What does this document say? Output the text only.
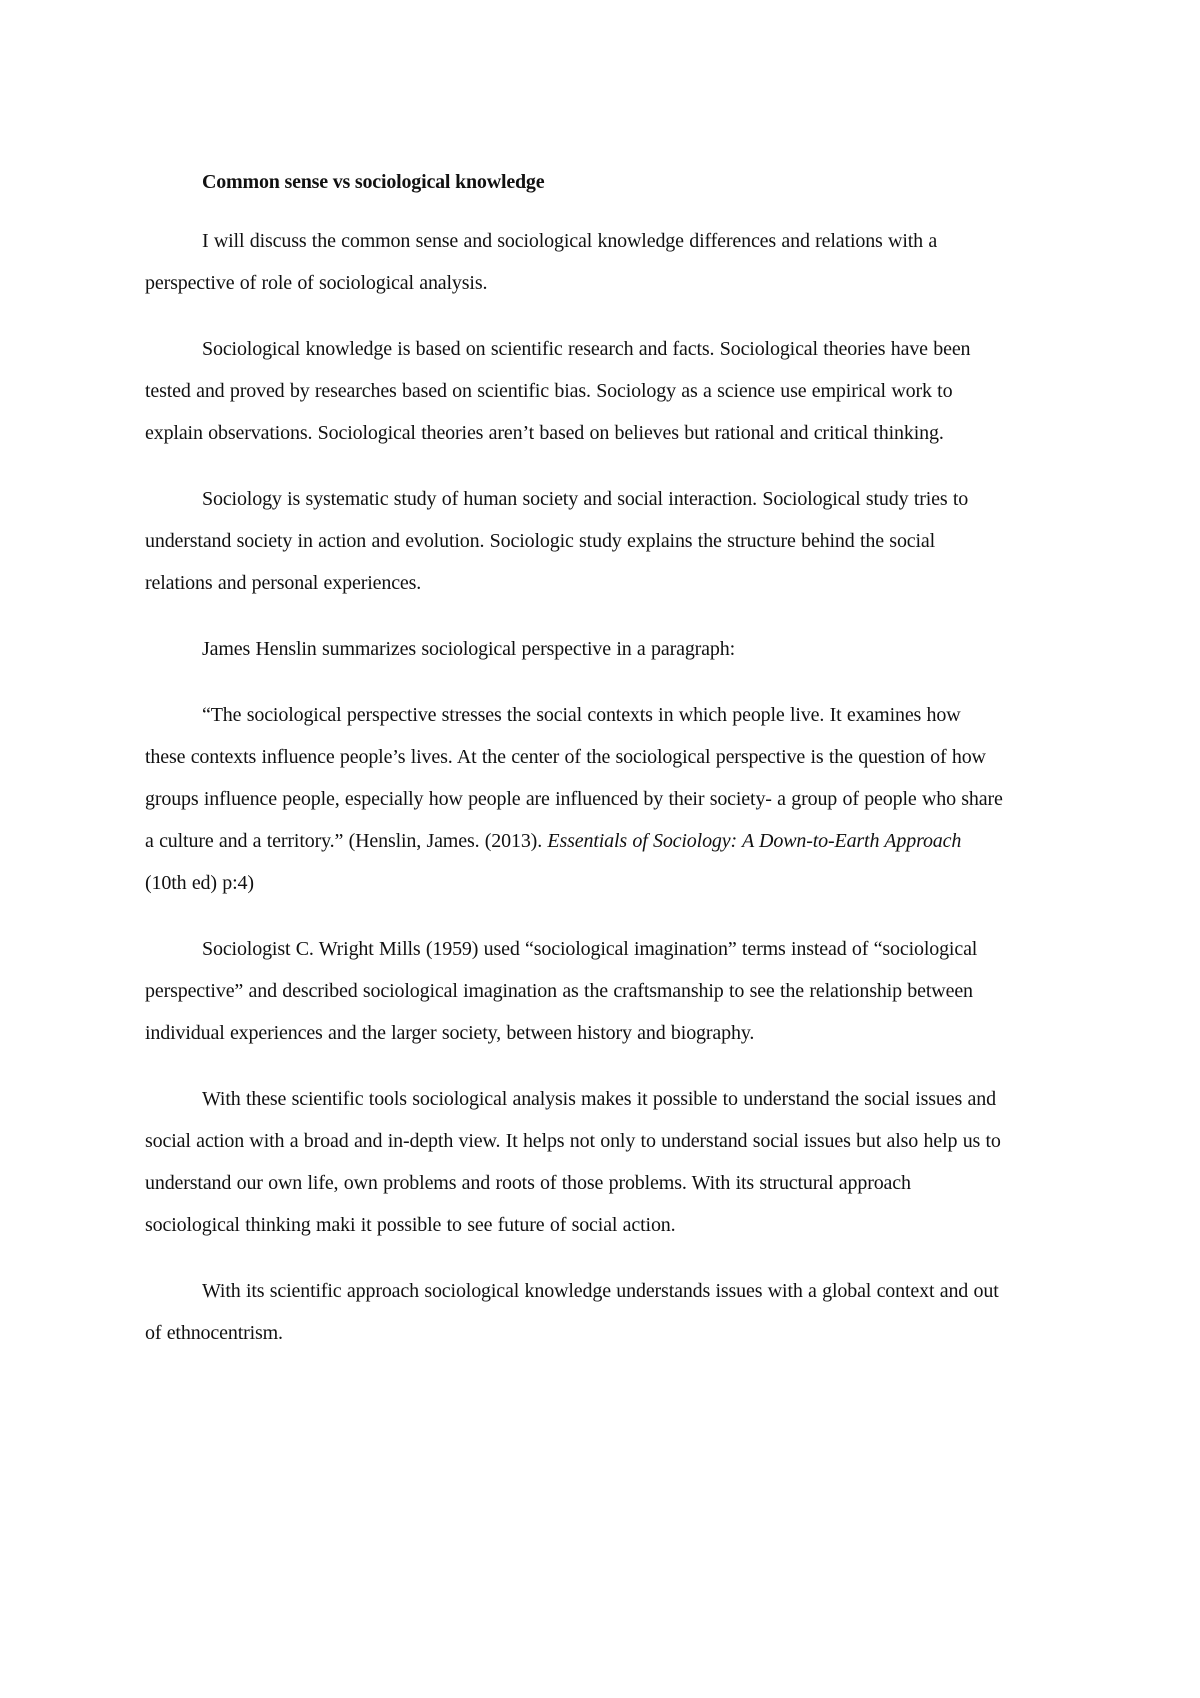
Common sense vs sociological knowledge

I will discuss the common sense and sociological knowledge differences and relations with a perspective of role of sociological analysis.

Sociological knowledge is based on scientific research and facts. Sociological theories have been tested and proved by researches based on scientific bias. Sociology as a science use empirical work to explain observations. Sociological theories aren’t based on believes but rational and critical thinking.

Sociology is systematic study of human society and social interaction. Sociological study tries to understand society in action and evolution. Sociologic study explains the structure behind the social relations and personal experiences.

James Henslin summarizes sociological perspective in a paragraph:

“The sociological perspective stresses the social contexts in which people live. It examines how these contexts influence people’s lives. At the center of the sociological perspective is the question of how groups influence people, especially how people are influenced by their society- a group of people who share a culture and a territory.” (Henslin, James. (2013). Essentials of Sociology: A Down-to-Earth Approach (10th ed) p:4)

Sociologist C. Wright Mills (1959) used “sociological imagination” terms instead of “sociological perspective” and described sociological imagination as the craftsmanship to see the relationship between individual experiences and the larger society, between history and biography.

With these scientific tools sociological analysis makes it possible to understand the social issues and social action with a broad and in-depth view. It helps not only to understand social issues but also help us to understand our own life, own problems and roots of those problems. With its structural approach sociological thinking maki it possible to see future of social action.

With its scientific approach sociological knowledge understands issues with a global context and out of ethnocentrism.
